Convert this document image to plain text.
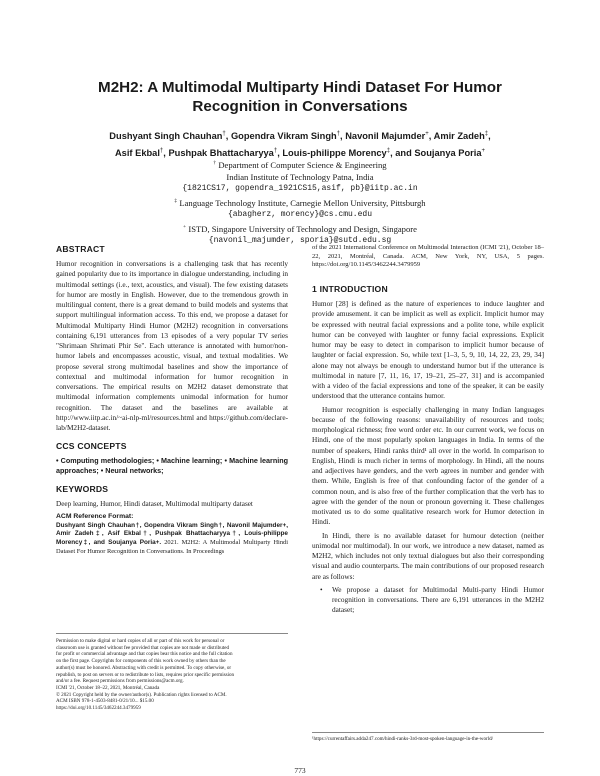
M2H2: A Multimodal Multiparty Hindi Dataset For Humor
Recognition in Conversations
Dushyant Singh Chauhan†, Gopendra Vikram Singh†, Navonil Majumder+, Amir Zadeh‡,
Asif Ekbal†, Pushpak Bhattacharyya†, Louis-philippe Morency‡, and Soujanya Poria+
† Department of Computer Science & Engineering
Indian Institute of Technology Patna, India
{1821CS17, gopendra_1921CS15,asif, pb}@iitp.ac.in
‡ Language Technology Institute, Carnegie Mellon University, Pittsburgh
{abagherz, morency}@cs.cmu.edu
+ ISTD, Singapore University of Technology and Design, Singapore
{navonil_majumder, sporia}@sutd.edu.sg
ABSTRACT

Humor recognition in conversations is a challenging task that has recently gained popularity due to its importance in dialogue understanding, including in multimodal settings (i.e., text, acoustics, and visual). The few existing datasets for humor are mostly in English. However, due to the tremendous growth in multilingual content, there is a great demand to build models and systems that support multilingual information access. To this end, we propose a dataset for Multimodal Multiparty Hindi Humor (M2H2) recognition in conversations containing 6,191 utterances from 13 episodes of a very popular TV series "Shrimaan Shrimati Phir Se". Each utterance is annotated with humor/non-humor labels and encompasses acoustic, visual, and textual modalities. We propose several strong multimodal baselines and show the importance of contextual and multimodal information for humor recognition in conversations. The empirical results on M2H2 dataset demonstrate that multimodal information complements unimodal information for humor recognition. The dataset and the baselines are available at http://www.iitp.ac.in/~ai-nlp-ml/resources.html and https://github.com/declare-lab/M2H2-dataset.

CCS CONCEPTS
• Computing methodologies; • Machine learning; • Machine learning approaches; • Neural networks;
KEYWORDS
Deep learning, Humor, Hindi dataset, Multimodal multiparty dataset
ACM Reference Format:
Dushyant Singh Chauhan†, Gopendra Vikram Singh†, Navonil Majumder+, Amir Zadeh‡, Asif Ekbal†, Pushpak Bhattacharyya†, Louis-philippe Morency‡, and Soujanya Poria+. 2021. M2H2: A Multimodal Multiparty Hindi Dataset For Humor Recognition in Conversations. In Proceedings
Permission to make digital or hard copies of all or part of this work for personal or
classroom use is granted without fee provided that copies are not made or distributed
for profit or commercial advantage and that copies bear this notice and the full citation
on the first page. Copyrights for components of this work owned by others than the
author(s) must be honored. Abstracting with credit is permitted. To copy otherwise, or
republish, to post on servers or to redistribute to lists, requires prior specific permission
and/or a fee. Request permissions from permissions@acm.org.
ICMI '21, October 18–22, 2021, Montréal, Canada
© 2021 Copyright held by the owner/author(s). Publication rights licensed to ACM.
ACM ISBN 978-1-4503-8481-0/21/10... $15.00
https://doi.org/10.1145/3462244.3479959

of the 2021 International Conference on Multimodal Interaction (ICMI '21), October 18–22, 2021, Montréal, Canada. ACM, New York, NY, USA, 5 pages. https://doi.org/10.1145/3462244.3479959

1 INTRODUCTION

Humor [28] is defined as the nature of experiences to induce laughter and provide amusement. it can be implicit as well as explicit. Implicit humor may be expressed with neutral facial expressions and a polite tone, while explicit humor can be conveyed with laughter or funny facial expressions. Explicit humor may be easy to detect in comparison to implicit humor because of laughter or facial expression. So, while text [1–3, 5, 9, 10, 14, 22, 23, 29, 34] alone may not always be enough to understand humor but if the utterance is multimodal in nature [7, 11, 16, 17, 19–21, 25–27, 31] and is accompanied with a video of the facial expressions and tone of the speaker, it can be easily understood that the utterance contains humor.

Humor recognition is especially challenging in many Indian languages because of the following reasons: unavailability of resources and tools; morphological richness; free word order etc. In our current work, we focus on Hindi, one of the most popularly spoken languages in India. In terms of the number of speakers, Hindi ranks third¹ all over in the world. In comparison to English, Hindi is much richer in terms of morphology. In Hindi, all the nouns and adjectives have genders, and the verb agrees in number and gender with them. While, English is free of that confounding factor of the gender of a common noun, and is also free of the further complication that the verb has to agree with the gender of the noun or pronoun governing it. These challenges motivated us to do some qualitative research work for Humor detection in Hindi.

In Hindi, there is no available dataset for humour detection (neither unimodal nor multimodal). In our work, we introduce a new dataset, named as M2H2, which includes not only textual dialogues but also their corresponding visual and audio counterparts. The main contributions of our proposed research are as follows:

• We propose a dataset for Multimodal Multi-party Hindi Humor recognition in conversations. There are 6,191 utterances in the M2H2 dataset;
¹https://currentaffairs.adda247.com/hindi-ranks-3rd-most-spoken-language-in-the-world/
773
